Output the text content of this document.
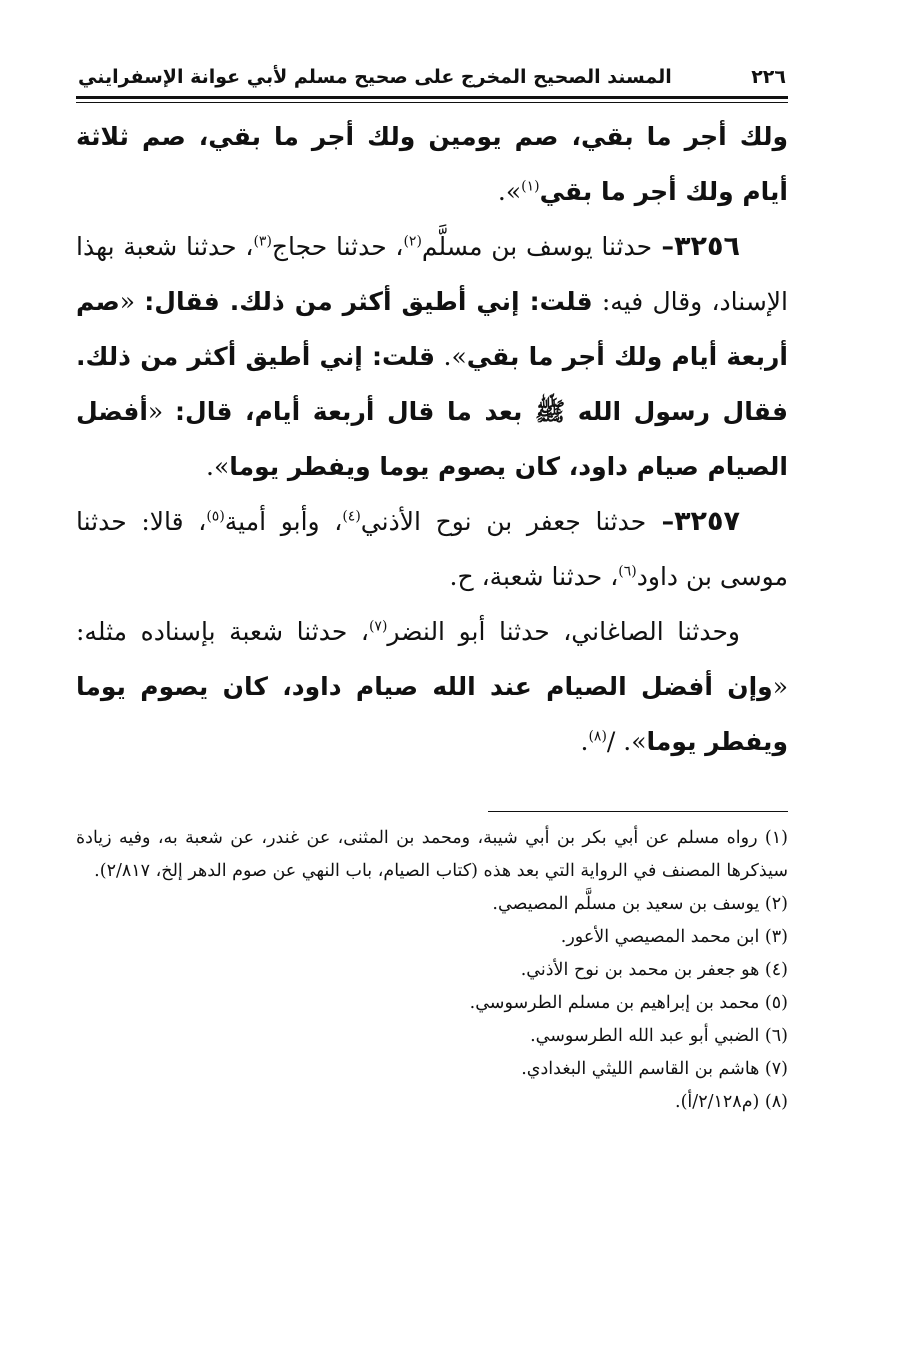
٢٢٦
المسند الصحيح المخرج على صحيح مسلم لأبي عوانة الإسفرايني

ولك أجر ما بقي، صم يومين ولك أجر ما بقي، صم ثلاثة أيام ولك أجر ما بقي$^{(١)}$».

٣٢٥٦– حدثنا يوسف بن مسلَّم$^{(٢)}$، حدثنا حجاج$^{(٣)}$، حدثنا شعبة بهذا الإسناد، وقال فيه: قلت: إني أطيق أكثر من ذلك. فقال: «صم أربعة أيام ولك أجر ما بقي». قلت: إني أطيق أكثر من ذلك. فقال رسول الله ﷺ بعد ما قال أربعة أيام، قال: «أفضل الصيام صيام داود، كان يصوم يوما ويفطر يوما».

٣٢٥٧– حدثنا جعفر بن نوح الأذني$^{(٤)}$، وأبو أمية$^{(٥)}$، قالا: حدثنا موسى بن داود$^{(٦)}$، حدثنا شعبة، ح.

وحدثنا الصاغاني، حدثنا أبو النضر$^{(٧)}$، حدثنا شعبة بإسناده مثله: «وإن أفضل الصيام عند الله صيام داود، كان يصوم يوما ويفطر يوما». /$^{(٨)}$.

(١) رواه مسلم عن أبي بكر بن أبي شيبة، ومحمد بن المثنى، عن غندر، عن شعبة به، وفيه زيادة سيذكرها المصنف في الرواية التي بعد هذه (كتاب الصيام، باب النهي عن صوم الدهر إلخ، ٢/٨١٧).

(٢) يوسف بن سعيد بن مسلَّم المصيصي.

(٣) ابن محمد المصيصي الأعور.

(٤) هو جعفر بن محمد بن نوح الأذني.

(٥) محمد بن إبراهيم بن مسلم الطرسوسي.

(٦) الضبي أبو عبد الله الطرسوسي.

(٧) هاشم بن القاسم الليثي البغدادي.

(٨) (م٢/١٢٨/أ).
